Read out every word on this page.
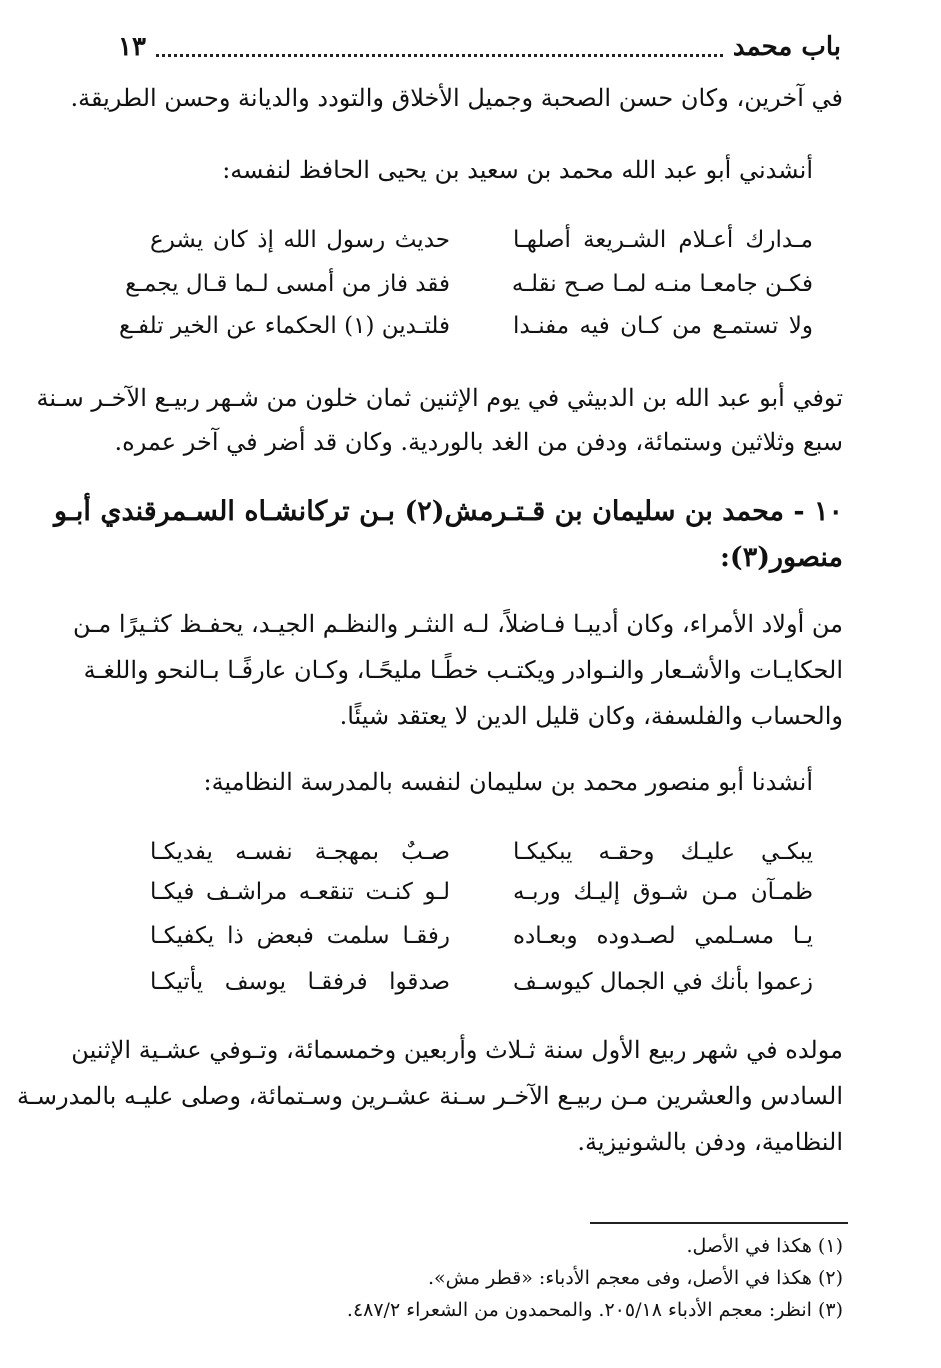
باب محمد
١٣
في آخرين، وكان حسن الصحبة وجميل الأخلاق والتودد والديانة وحسن الطريقة.
أنشدني أبو عبد الله محمد بن سعيد بن يحيى الحافظ لنفسه:
مـدارك أعـلام الشـريعة أصلهـا
حديث رسول الله إذ كان يشرع
فكـن جامعـا منـه لمـا صـح نقلـه
فقد فاز من أمسى لـما قـال يجمـع
ولا تستمـع من كـان فيه مفنـدا
فلتـدين (١) الحكماء عن الخير تلفـع
توفي أبو عبد الله بن الدبيثي في يوم الإثنين ثمان خلون من شـهر ربيـع الآخـر سـنة
سبع وثلاثين وستمائة، ودفن من الغد بالوردية. وكان قد أضر في آخر عمره.
١٠ - محمد بن سليمان بن قـتـرمش(٢) بـن تركانشـاه السـمرقندي أبـو
منصور(٣):
من أولاد الأمراء، وكان أديبـا فـاضلاً، لـه النثـر والنظـم الجيـد، يحفـظ كثـيرًا مـن
الحكايـات والأشـعار والنـوادر ويكتـب خطًـا مليحًـا، وكـان عارفًـا بـالنحو واللغـة
والحساب والفلسفة، وكان قليل الدين لا يعتقد شيئًا.
أنشدنا أبو منصور محمد بن سليمان لنفسه بالمدرسة النظامية:
يبكـي عليـك وحقـه يبكيكـا
صـبٌ بمهجـة نفسـه يفديكـا
ظمـآن مـن شـوق إليـك وربـه
لـو كنـت تنقعـه مراشـف فيكـا
يـا مسـلمي لصـدوده وبعـاده
رفقـا سلمت فبعض ذا يكفيكـا
زعموا بأنك في الجمال كيوسـف
صدقوا فرفقـا يوسف يأتيكـا
مولده في شهر ربيع الأول سنة ثـلاث وأربعين وخمسمائة، وتـوفي عشـية الإثنين
السادس والعشرين مـن ربيـع الآخـر سـنة عشـرين وسـتمائة، وصلى عليـه بالمدرسـة
النظامية، ودفن بالشونيزية.
(١) هكذا في الأصل.
(٢) هكذا في الأصل، وفى معجم الأدباء: «قطر مش».
(٣) انظر: معجم الأدباء ٢٠٥/١٨. والمحمدون من الشعراء ٤٨٧/٢.
